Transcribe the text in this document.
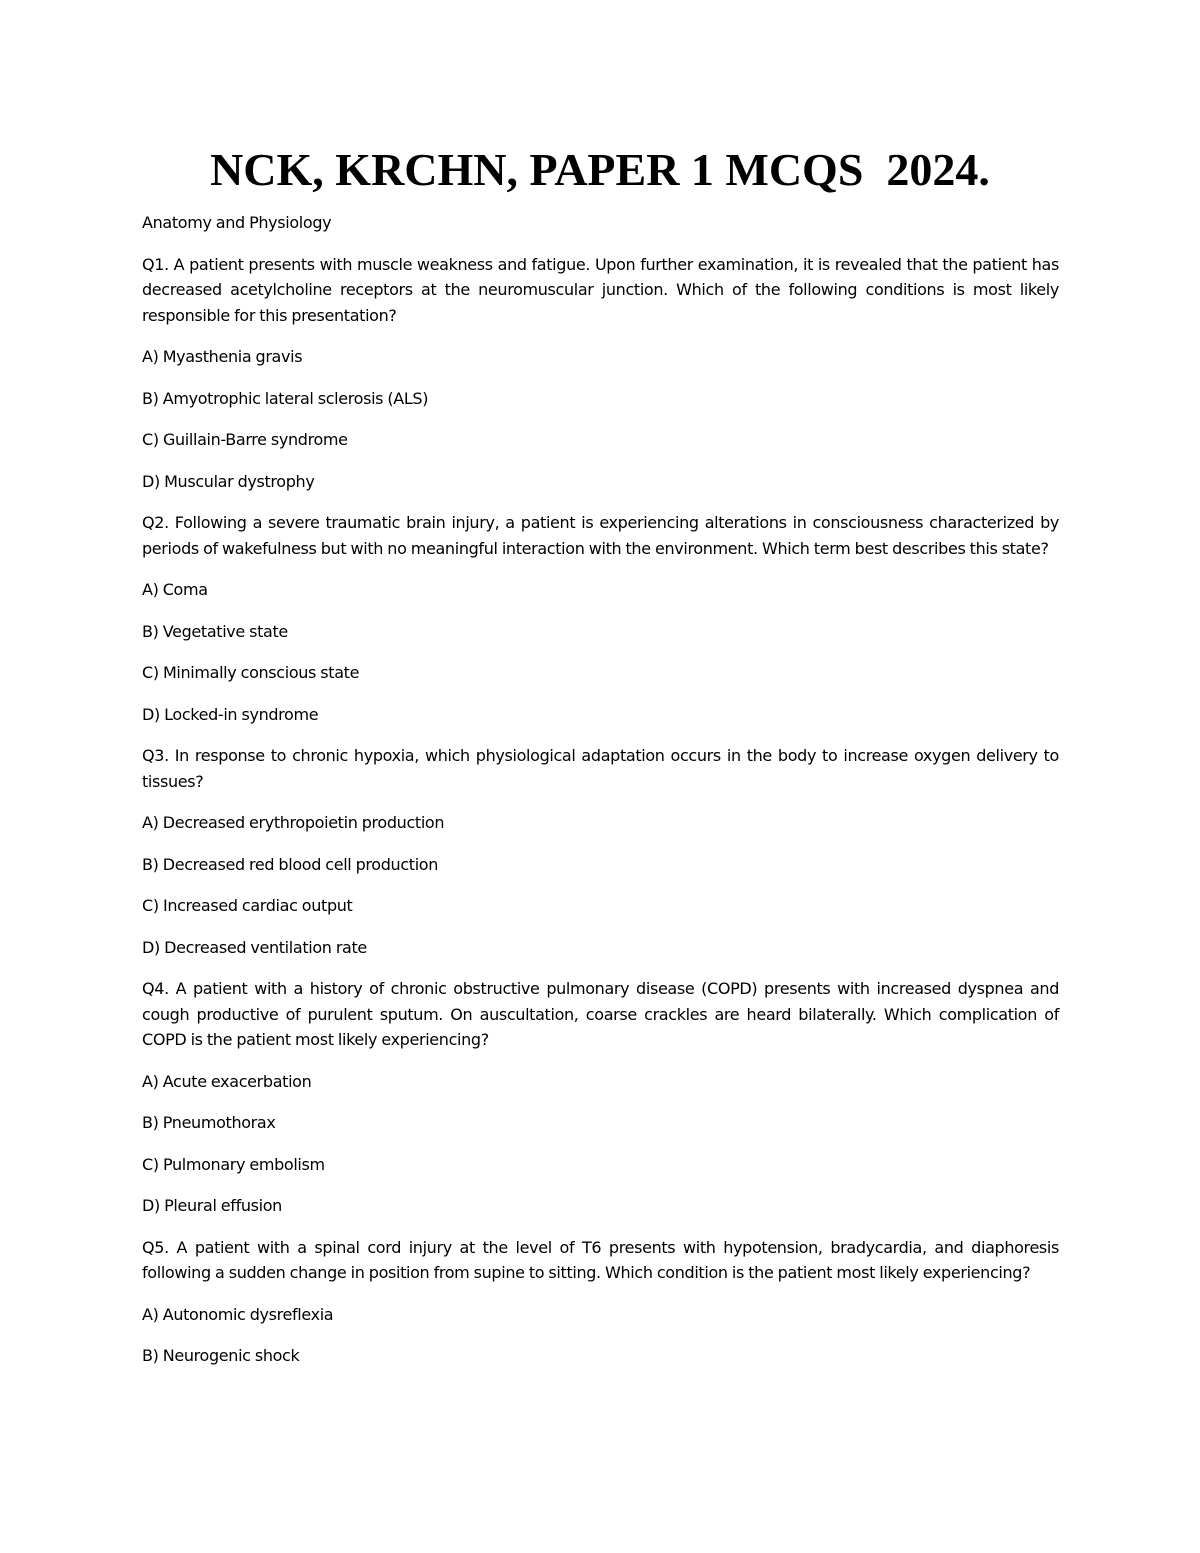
NCK, KRCHN, PAPER 1 MCQS  2024.
Anatomy and Physiology
Q1. A patient presents with muscle weakness and fatigue. Upon further examination, it is revealed that the patient has decreased acetylcholine receptors at the neuromuscular junction. Which of the following conditions is most likely responsible for this presentation?
A) Myasthenia gravis
B) Amyotrophic lateral sclerosis (ALS)
C) Guillain-Barre syndrome
D) Muscular dystrophy
Q2. Following a severe traumatic brain injury, a patient is experiencing alterations in consciousness characterized by periods of wakefulness but with no meaningful interaction with the environment. Which term best describes this state?
A) Coma
B) Vegetative state
C) Minimally conscious state
D) Locked-in syndrome
Q3. In response to chronic hypoxia, which physiological adaptation occurs in the body to increase oxygen delivery to tissues?
A) Decreased erythropoietin production
B) Decreased red blood cell production
C) Increased cardiac output
D) Decreased ventilation rate
Q4. A patient with a history of chronic obstructive pulmonary disease (COPD) presents with increased dyspnea and cough productive of purulent sputum. On auscultation, coarse crackles are heard bilaterally. Which complication of COPD is the patient most likely experiencing?
A) Acute exacerbation
B) Pneumothorax
C) Pulmonary embolism
D) Pleural effusion
Q5. A patient with a spinal cord injury at the level of T6 presents with hypotension, bradycardia, and diaphoresis following a sudden change in position from supine to sitting. Which condition is the patient most likely experiencing?
A) Autonomic dysreflexia
B) Neurogenic shock
